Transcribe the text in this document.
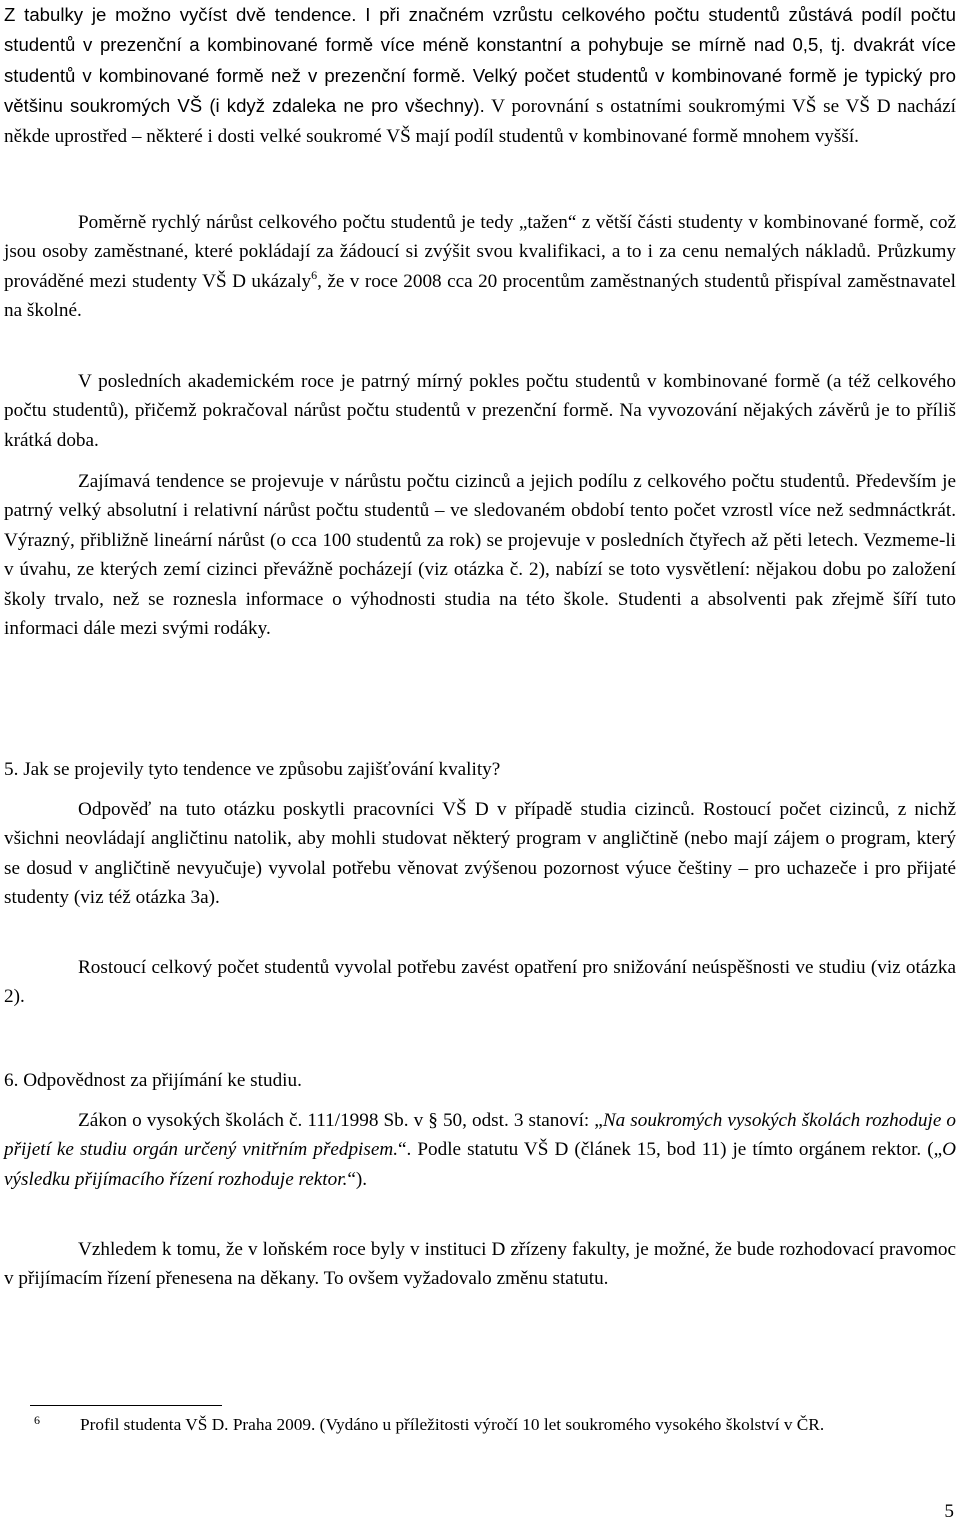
Z tabulky je možno vyčíst dvě tendence. I při značném vzrůstu celkového počtu studentů zůstává podíl počtu studentů v prezenční a kombinované formě více méně konstantní a pohybuje se mírně nad 0,5, tj. dvakrát více studentů v kombinované formě než v prezenční formě. Velký počet studentů v kombinované formě je typický pro většinu soukromých VŠ (i když zdaleka ne pro všechny). V porovnání s ostatními soukromými VŠ se VŠ D nachází někde uprostřed – některé i dosti velké soukromé VŠ mají podíl studentů v kombinované formě mnohem vyšší.

Poměrně rychlý nárůst celkového počtu studentů je tedy „tažen“ z větší části studenty v kombinované formě, což jsou osoby zaměstnané, které pokládají za žádoucí si zvýšit svou kvalifikaci, a to i za cenu nemalých nákladů. Průzkumy prováděné mezi studenty VŠ D ukázaly$^6$, že v roce 2008 cca 20 procentům zaměstnaných studentů přispíval zaměstnavatel na školné.

V posledních akademickém roce je patrný mírný pokles počtu studentů v kombinované formě (a též celkového počtu studentů), přičemž pokračoval nárůst počtu studentů v prezenční formě. Na vyvozování nějakých závěrů je to příliš krátká doba.

Zajímavá tendence se projevuje v nárůstu počtu cizinců a jejich podílu z celkového počtu studentů. Především je patrný velký absolutní i relativní nárůst počtu studentů – ve sledovaném období tento počet vzrostl více než sedmnáctkrát. Výrazný, přibližně lineární nárůst (o cca 100 studentů za rok) se projevuje v posledních čtyřech až pěti letech. Vezmeme-li v úvahu, ze kterých zemí cizinci převážně pocházejí (viz otázka č. 2), nabízí se toto vysvětlení: nějakou dobu po založení školy trvalo, než se roznesla informace o výhodnosti studia na této škole. Studenti a absolventi pak zřejmě šíří tuto informaci dále mezi svými rodáky.

5. Jak se projevily tyto tendence ve způsobu zajišťování kvality?

Odpověď na tuto otázku poskytli pracovníci VŠ D v případě studia cizinců. Rostoucí počet cizinců, z nichž všichni neovládají angličtinu natolik, aby mohli studovat některý program v angličtině (nebo mají zájem o program, který se dosud v angličtině nevyučuje) vyvolal potřebu věnovat zvýšenou pozornost výuce češtiny – pro uchazeče i pro přijaté studenty (viz též otázka 3a).

Rostoucí celkový počet studentů vyvolal potřebu zavést opatření pro snižování neúspěšnosti ve studiu (viz otázka 2).

6. Odpovědnost za přijímání ke studiu.

Zákon o vysokých školách č. 111/1998 Sb. v § 50, odst. 3 stanoví: „Na soukromých vysokých školách rozhoduje o přijetí ke studiu orgán určený vnitřním předpisem.“. Podle statutu VŠ D (článek 15, bod 11) je tímto orgánem rektor. („O výsledku přijímacího řízení rozhoduje rektor.“).

Vzhledem k tomu, že v loňském roce byly v instituci D zřízeny fakulty, je možné, že bude rozhodovací pravomoc v přijímacím řízení přenesena na děkany. To ovšem vyžadovalo změnu statutu.

$^6$ Profil studenta VŠ D. Praha 2009. (Vydáno u příležitosti výročí 10 let soukromého vysokého školství v ČR.
5
